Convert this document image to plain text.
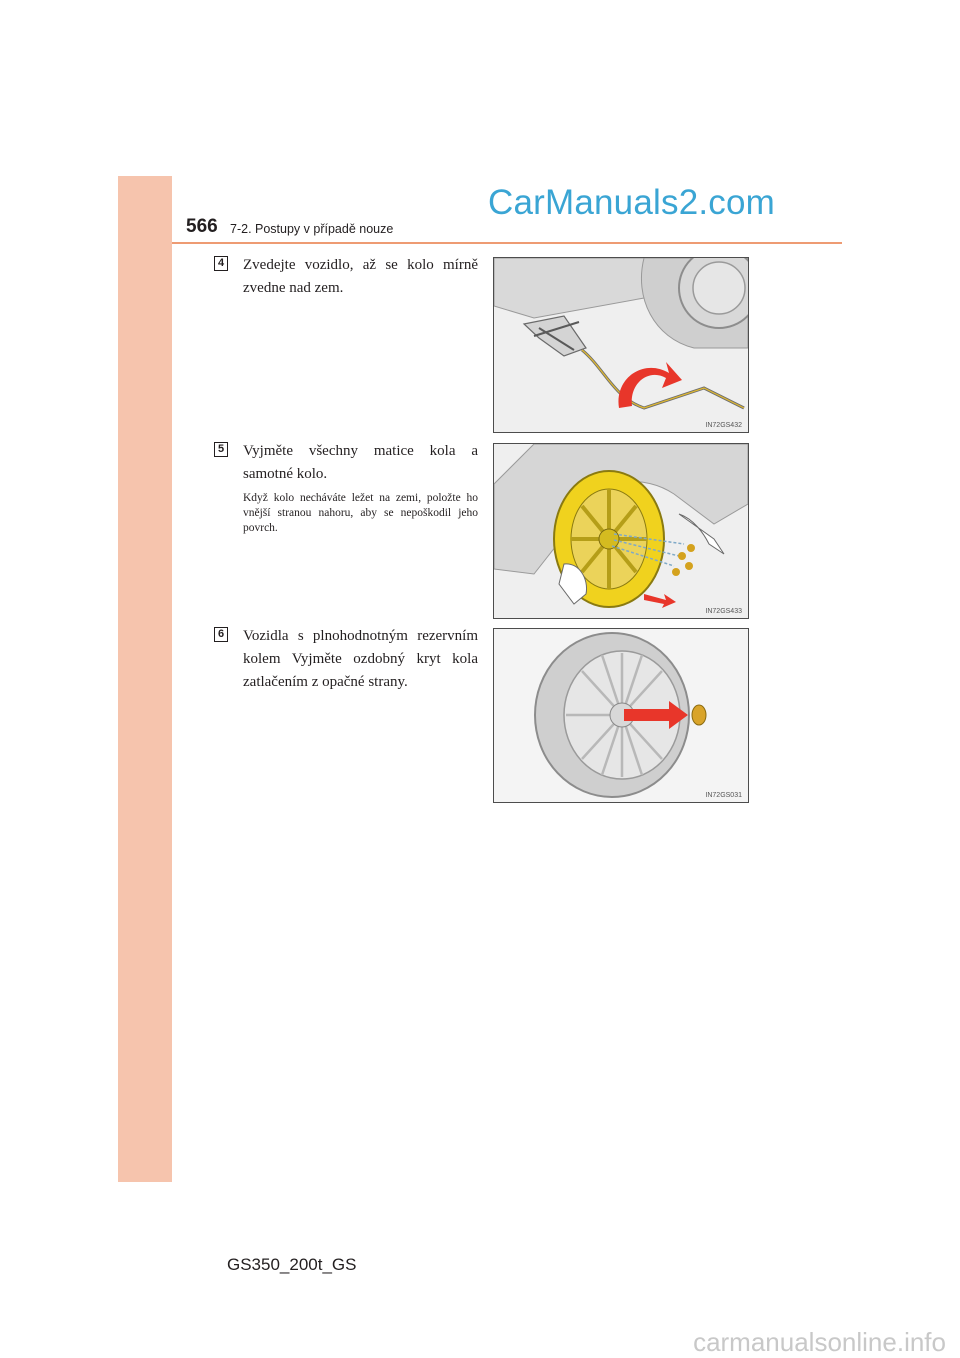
566 7-2. Postupy v případě nouze
CarManuals2.com
4 Zvedejte vozidlo, až se kolo mírně zvedne nad zem.

IN72GS432
5 Vyjměte všechny matice kola a samotné kolo.

Když kolo necháváte ležet na zemi, položte ho vnější stranou nahoru, aby se nepoškodil jeho povrch.

IN72GS433
6 Vozidla s plnohodnotným rezervním kolem Vyjměte ozdobný kryt kola zatlačením z opačné strany.

IN72GS031
GS350_200t_GS
carmanualsonline.info
